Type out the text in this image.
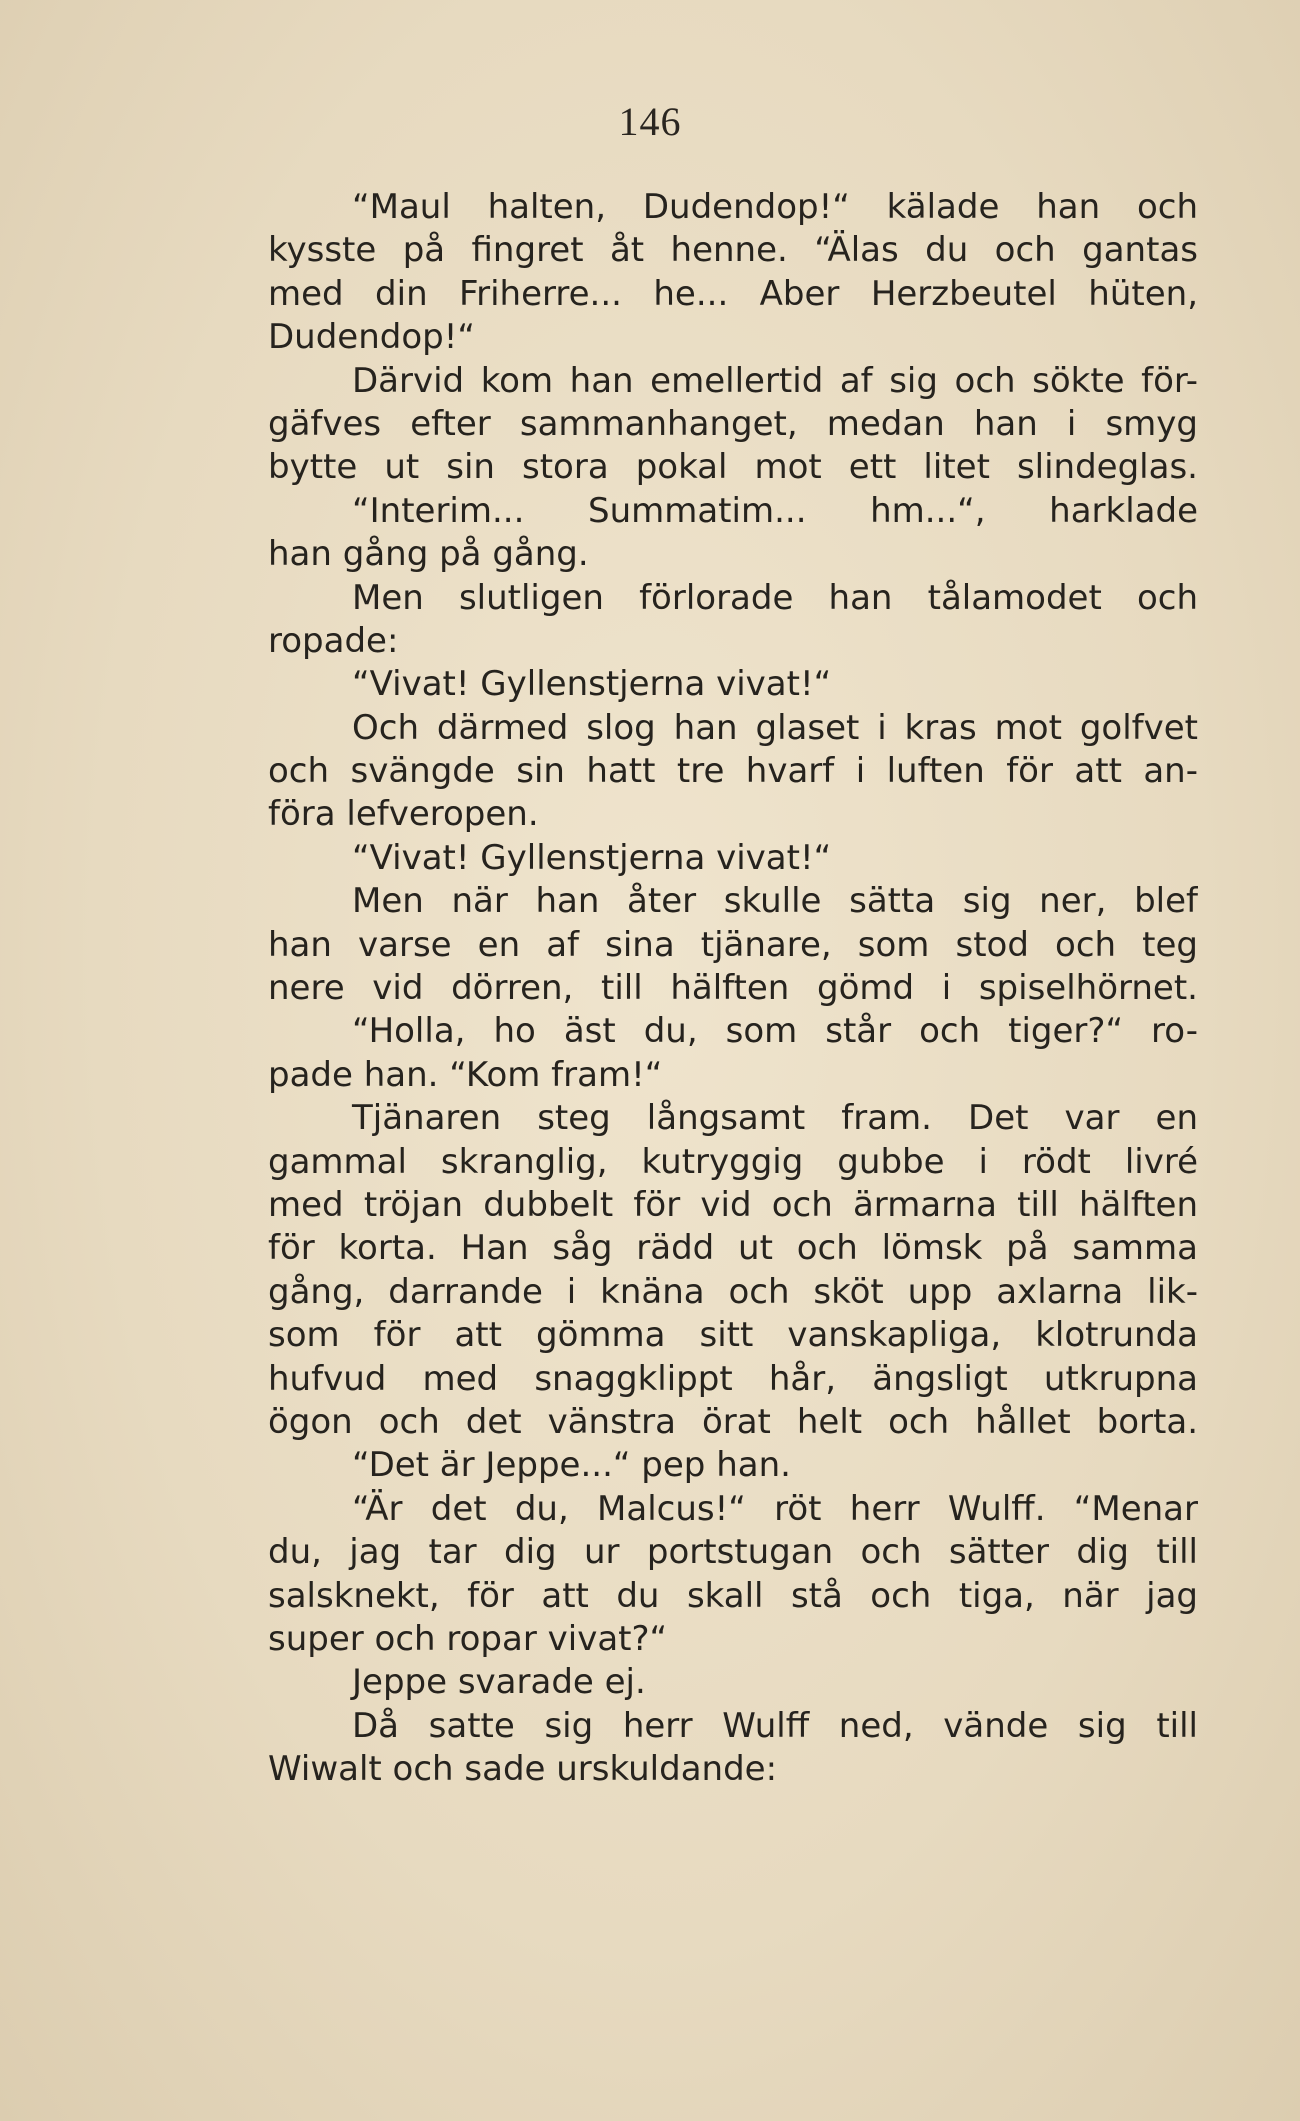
146
“Maul halten, Dudendop!“ kälade han och
kysste på fingret åt henne. “Älas du och gantas
med din Friherre... he... Aber Herzbeutel hüten,
Dudendop!“
Därvid kom han emellertid af sig och sökte för-
gäfves efter sammanhanget, medan han i smyg
bytte ut sin stora pokal mot ett litet slindeglas.
“Interim... Summatim... hm...“, harklade
han gång på gång.
Men slutligen förlorade han tålamodet och
ropade:
“Vivat! Gyllenstjerna vivat!“
Och därmed slog han glaset i kras mot golfvet
och svängde sin hatt tre hvarf i luften för att an-
föra lefveropen.
“Vivat! Gyllenstjerna vivat!“
Men när han åter skulle sätta sig ner, blef
han varse en af sina tjänare, som stod och teg
nere vid dörren, till hälften gömd i spiselhörnet.
“Holla, ho äst du, som står och tiger?“ ro-
pade han. “Kom fram!“
Tjänaren steg långsamt fram. Det var en
gammal skranglig, kutryggig gubbe i rödt livré
med tröjan dubbelt för vid och ärmarna till hälften
för korta. Han såg rädd ut och lömsk på samma
gång, darrande i knäna och sköt upp axlarna lik-
som för att gömma sitt vanskapliga, klotrunda
hufvud med snaggklippt hår, ängsligt utkrupna
ögon och det vänstra örat helt och hållet borta.
“Det är Jeppe...“ pep han.
“Är det du, Malcus!“ röt herr Wulff. “Menar
du, jag tar dig ur portstugan och sätter dig till
salsknekt, för att du skall stå och tiga, när jag
super och ropar vivat?“
Jeppe svarade ej.
Då satte sig herr Wulff ned, vände sig till
Wiwalt och sade urskuldande:
